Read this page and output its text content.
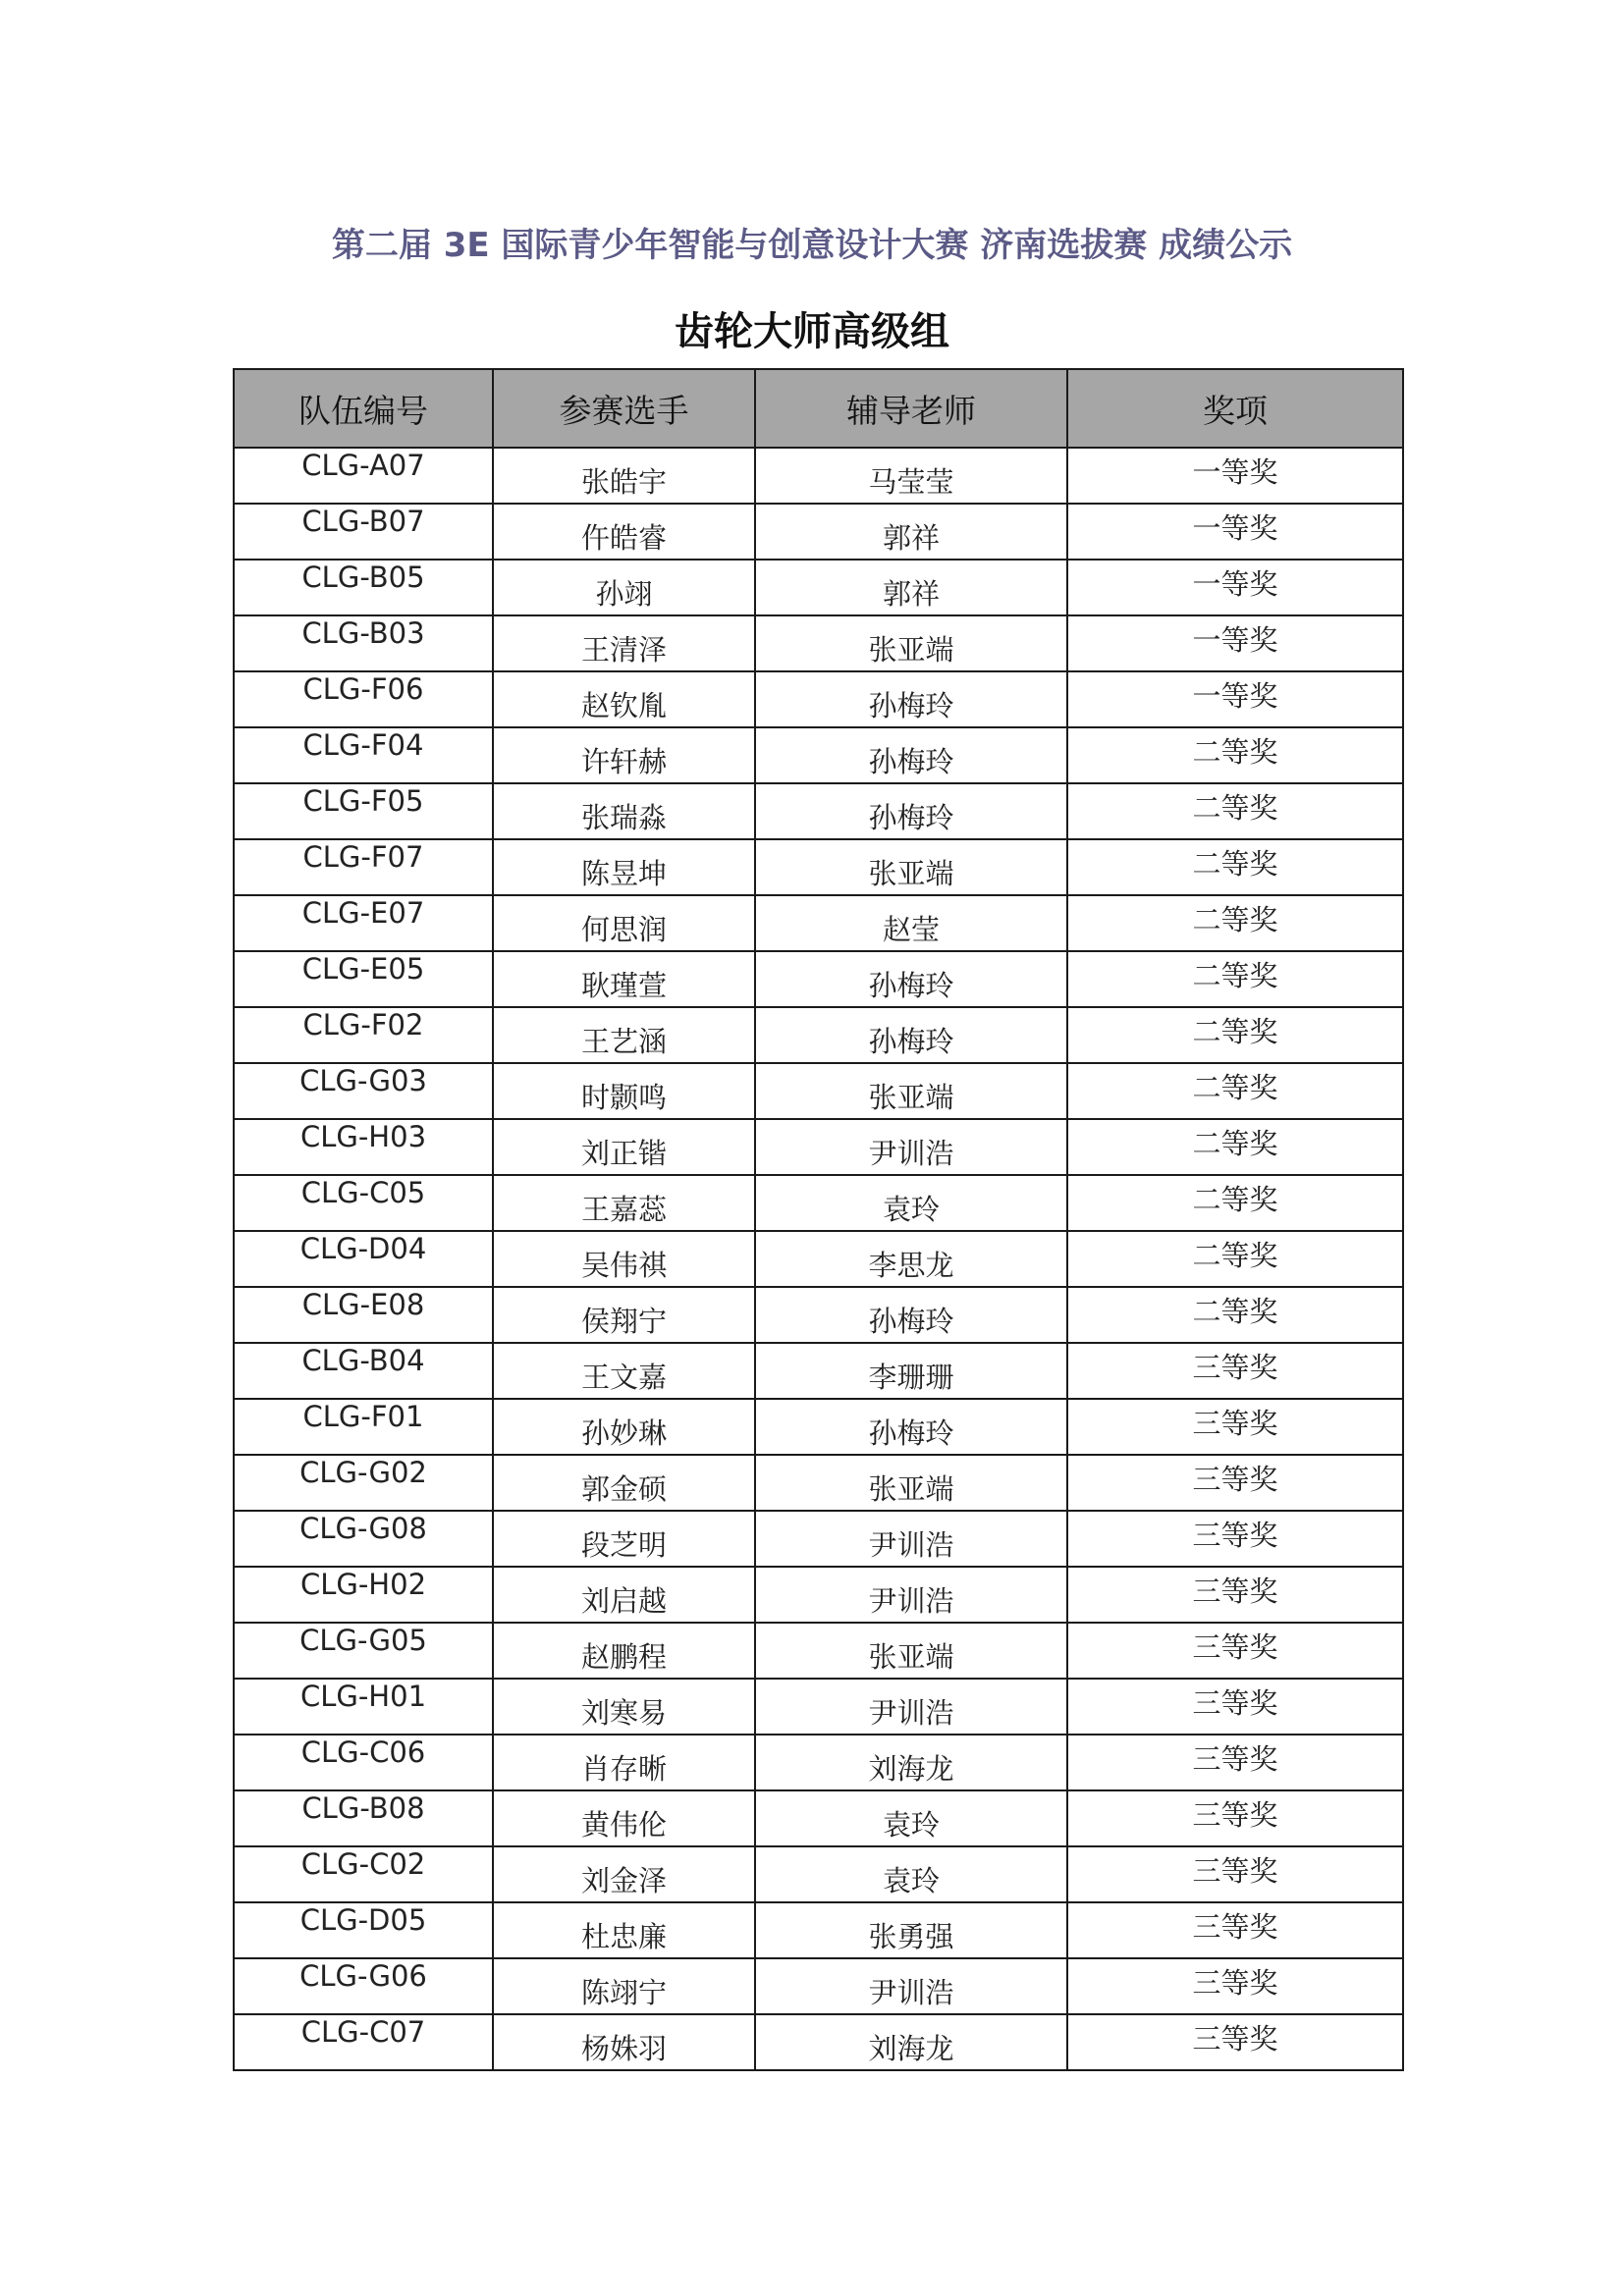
第二届 3E 国际青少年智能与创意设计大赛 济南选拔赛 成绩公示
齿轮大师高级组
队伍编号	参赛选手	辅导老师	奖项
CLG-A07	张皓宇	马莹莹	一等奖
CLG-B07	仵皓睿	郭祥	一等奖
CLG-B05	孙翊	郭祥	一等奖
CLG-B03	王清泽	张亚端	一等奖
CLG-F06	赵钦胤	孙梅玲	一等奖
CLG-F04	许轩赫	孙梅玲	二等奖
CLG-F05	张瑞淼	孙梅玲	二等奖
CLG-F07	陈昱坤	张亚端	二等奖
CLG-E07	何思润	赵莹	二等奖
CLG-E05	耿瑾萱	孙梅玲	二等奖
CLG-F02	王艺涵	孙梅玲	二等奖
CLG-G03	时颢鸣	张亚端	二等奖
CLG-H03	刘正锴	尹训浩	二等奖
CLG-C05	王嘉蕊	袁玲	二等奖
CLG-D04	吴伟祺	李思龙	二等奖
CLG-E08	侯翔宁	孙梅玲	二等奖
CLG-B04	王文嘉	李珊珊	三等奖
CLG-F01	孙妙琳	孙梅玲	三等奖
CLG-G02	郭金硕	张亚端	三等奖
CLG-G08	段芝明	尹训浩	三等奖
CLG-H02	刘启越	尹训浩	三等奖
CLG-G05	赵鹏程	张亚端	三等奖
CLG-H01	刘寒易	尹训浩	三等奖
CLG-C06	肖存晰	刘海龙	三等奖
CLG-B08	黄伟伦	袁玲	三等奖
CLG-C02	刘金泽	袁玲	三等奖
CLG-D05	杜忠廉	张勇强	三等奖
CLG-G06	陈翊宁	尹训浩	三等奖
CLG-C07	杨姝羽	刘海龙	三等奖
